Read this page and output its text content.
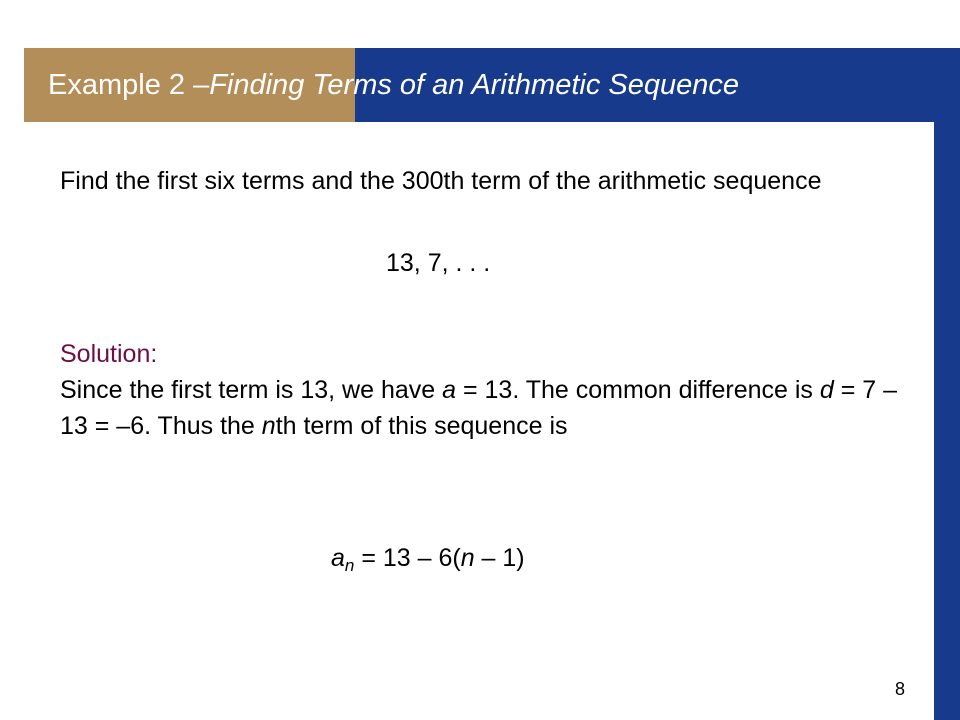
Example 2 – Finding Terms of an Arithmetic Sequence
Find the first six terms and the 300th term of the arithmetic sequence
13, 7, . . .
Solution:
Since the first term is 13, we have a = 13. The common difference is d = 7 – 13 = –6. Thus the nth term of this sequence is
$a_n = 13 - 6(n - 1)$
8
